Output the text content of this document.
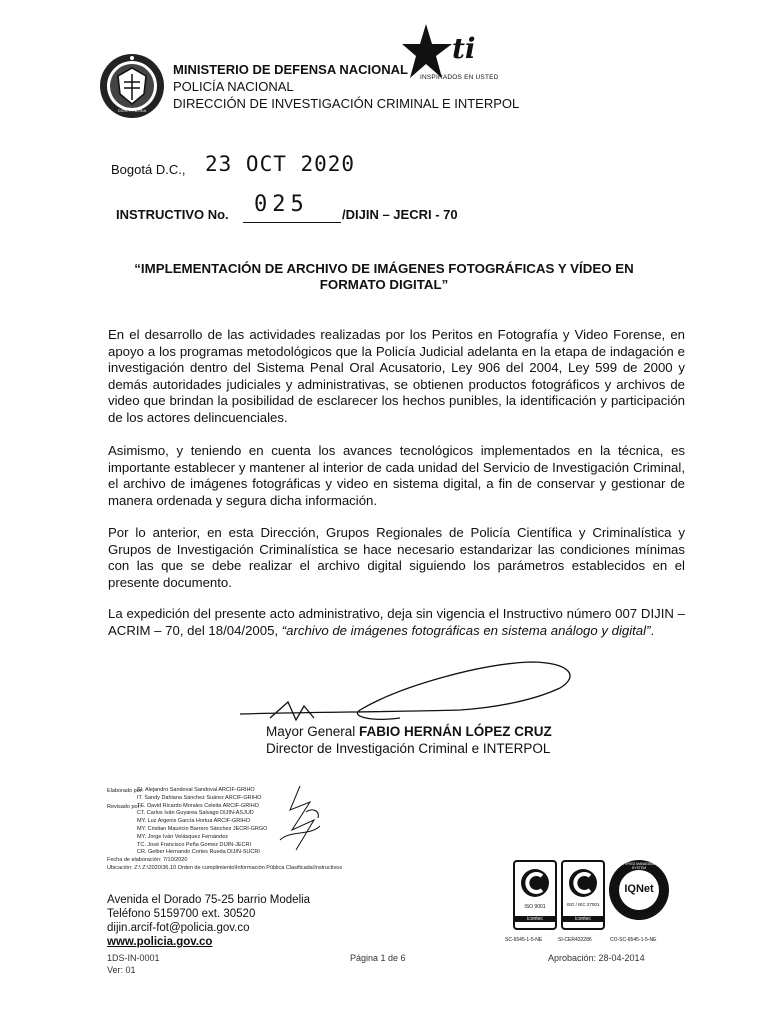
DIOS Y PATRIA
MINISTERIO DE DEFENSA NACIONAL
POLICÍA NACIONAL
DIRECCIÓN DE INVESTIGACIÓN CRIMINAL E INTERPOL
ti
INSPIRADOS EN USTED
Bogotá D.C., 23 OCT 2020
INSTRUCTIVO No. 025	/DIJIN – JECRI - 70
“IMPLEMENTACIÓN DE ARCHIVO DE IMÁGENES FOTOGRÁFICAS Y VÍDEO EN
FORMATO DIGITAL”
En el desarrollo de las actividades realizadas por los Peritos en Fotografía y Video Forense, en apoyo a los programas metodológicos que la Policía Judicial adelanta en la etapa de indagación e investigación dentro del Sistema Penal Oral Acusatorio, Ley 906 del 2004, Ley 599 de 2000 y demás autoridades judiciales y administrativas, se obtienen productos fotográficos y archivos de video que brindan la posibilidad de esclarecer los hechos punibles, la identificación y participación de los actores delincuenciales.
Asimismo, y teniendo en cuenta los avances tecnológicos implementados en la técnica, es importante establecer y mantener al interior de cada unidad del Servicio de Investigación Criminal, el archivo de imágenes fotográficas y video en sistema digital, a fin de conservar y gestionar de manera ordenada y segura dicha información.
Por lo anterior, en esta Dirección, Grupos Regionales de Policía Científica y Criminalística y Grupos de Investigación Criminalística se hace necesario estandarizar las condiciones mínimas con las que se debe realizar el archivo digital siguiendo los parámetros establecidos en el presente documento.
La expedición del presente acto administrativo, deja sin vigencia el Instructivo número 007 DIJIN – ACRIM – 70, del 18/04/2005, “archivo de imágenes fotográficas en sistema análogo y digital”.
Mayor General FABIO HERNÁN LÓPEZ CRUZ
Director de Investigación Criminal e INTERPOL
Elaborado por:
Revisado por:
SI. Alejandro Sandoval Sandoval ARCIF-GRIHO
IT. Sandy Dahiana Sánchez Suárez ARCIF-GRIHO
TE. David Ricardo Morales Celeita ARCIF-GRIHO
CT. Carlos Iván Guyarea Salvago DIJIN-ASJUD
MY. Luz Argenis García Hortua ARCIF-GRIHO
MY. Cristian Mauricio Barrero Sánchez JECRI-GRGO
MY. Jorge Iván Velásquez Fernández
TC. José Francisco Peña Gómez DIJIN-JECRI
CR. Gelber Hernando Cortes Rueda DIJIN-SUCRI
Fecha de elaboración: 7/10/2020
Ubicación: Z:\ Z:\2020\36.10 Orden de cumplimiento\Información Pública Clasificada\Instructivos
Avenida el Dorado 75-25 barrio Modelia
Teléfono 5159700 ext. 30520
dijin.arcif-fot@policia.gov.co
www.policia.gov.co
1DS-IN-0001
Ver: 01
Página 1 de 6	Aprobación: 28-04-2014
ISO 9001
icontec
SC-6545-1-5-NE
ISO / IEC 27001
icontec
SI-CER432286
IQNet
CERTIFIED MANAGEMENT SYSTEM
CO-SC-6545-1-5-NE
